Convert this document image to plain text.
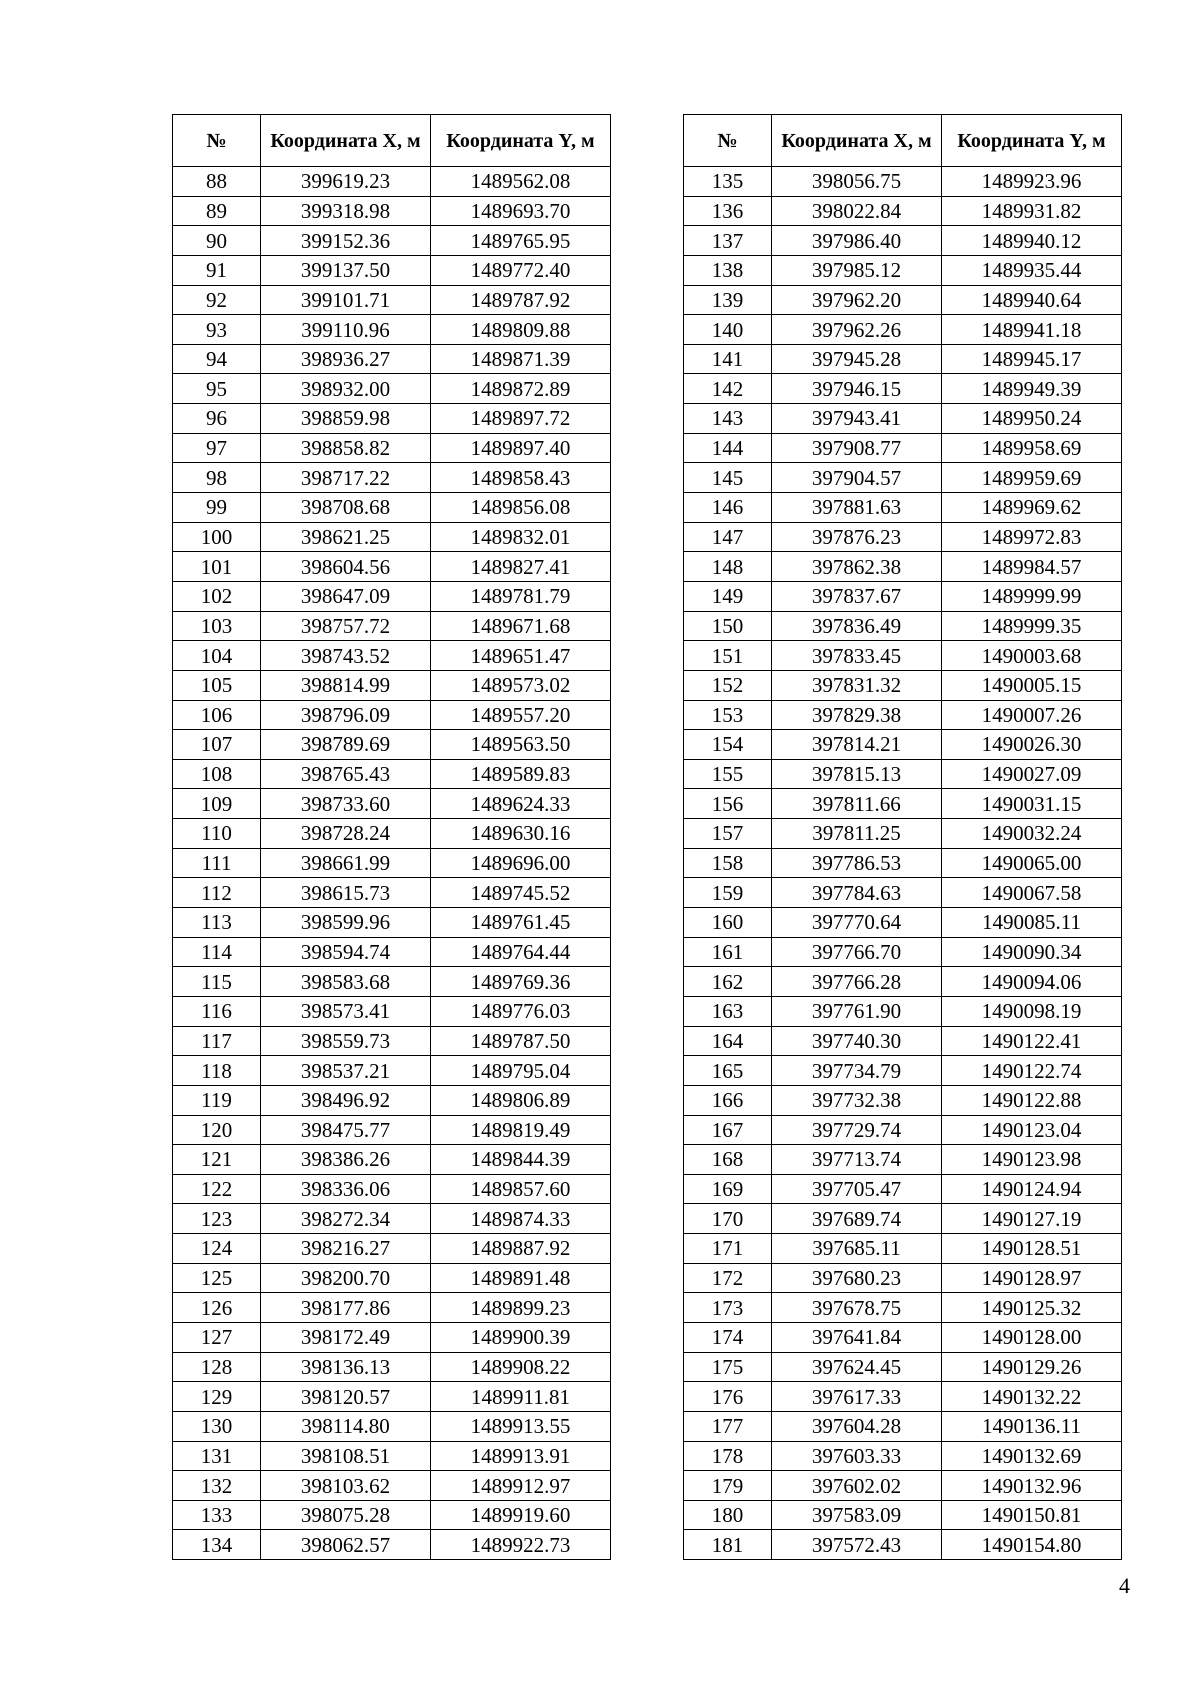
№	Координата X, м	Координата Y, м
88	399619.23	1489562.08
89	399318.98	1489693.70
90	399152.36	1489765.95
91	399137.50	1489772.40
92	399101.71	1489787.92
93	399110.96	1489809.88
94	398936.27	1489871.39
95	398932.00	1489872.89
96	398859.98	1489897.72
97	398858.82	1489897.40
98	398717.22	1489858.43
99	398708.68	1489856.08
100	398621.25	1489832.01
101	398604.56	1489827.41
102	398647.09	1489781.79
103	398757.72	1489671.68
104	398743.52	1489651.47
105	398814.99	1489573.02
106	398796.09	1489557.20
107	398789.69	1489563.50
108	398765.43	1489589.83
109	398733.60	1489624.33
110	398728.24	1489630.16
111	398661.99	1489696.00
112	398615.73	1489745.52
113	398599.96	1489761.45
114	398594.74	1489764.44
115	398583.68	1489769.36
116	398573.41	1489776.03
117	398559.73	1489787.50
118	398537.21	1489795.04
119	398496.92	1489806.89
120	398475.77	1489819.49
121	398386.26	1489844.39
122	398336.06	1489857.60
123	398272.34	1489874.33
124	398216.27	1489887.92
125	398200.70	1489891.48
126	398177.86	1489899.23
127	398172.49	1489900.39
128	398136.13	1489908.22
129	398120.57	1489911.81
130	398114.80	1489913.55
131	398108.51	1489913.91
132	398103.62	1489912.97
133	398075.28	1489919.60
134	398062.57	1489922.73
№	Координата X, м	Координата Y, м
135	398056.75	1489923.96
136	398022.84	1489931.82
137	397986.40	1489940.12
138	397985.12	1489935.44
139	397962.20	1489940.64
140	397962.26	1489941.18
141	397945.28	1489945.17
142	397946.15	1489949.39
143	397943.41	1489950.24
144	397908.77	1489958.69
145	397904.57	1489959.69
146	397881.63	1489969.62
147	397876.23	1489972.83
148	397862.38	1489984.57
149	397837.67	1489999.99
150	397836.49	1489999.35
151	397833.45	1490003.68
152	397831.32	1490005.15
153	397829.38	1490007.26
154	397814.21	1490026.30
155	397815.13	1490027.09
156	397811.66	1490031.15
157	397811.25	1490032.24
158	397786.53	1490065.00
159	397784.63	1490067.58
160	397770.64	1490085.11
161	397766.70	1490090.34
162	397766.28	1490094.06
163	397761.90	1490098.19
164	397740.30	1490122.41
165	397734.79	1490122.74
166	397732.38	1490122.88
167	397729.74	1490123.04
168	397713.74	1490123.98
169	397705.47	1490124.94
170	397689.74	1490127.19
171	397685.11	1490128.51
172	397680.23	1490128.97
173	397678.75	1490125.32
174	397641.84	1490128.00
175	397624.45	1490129.26
176	397617.33	1490132.22
177	397604.28	1490136.11
178	397603.33	1490132.69
179	397602.02	1490132.96
180	397583.09	1490150.81
181	397572.43	1490154.80
4
